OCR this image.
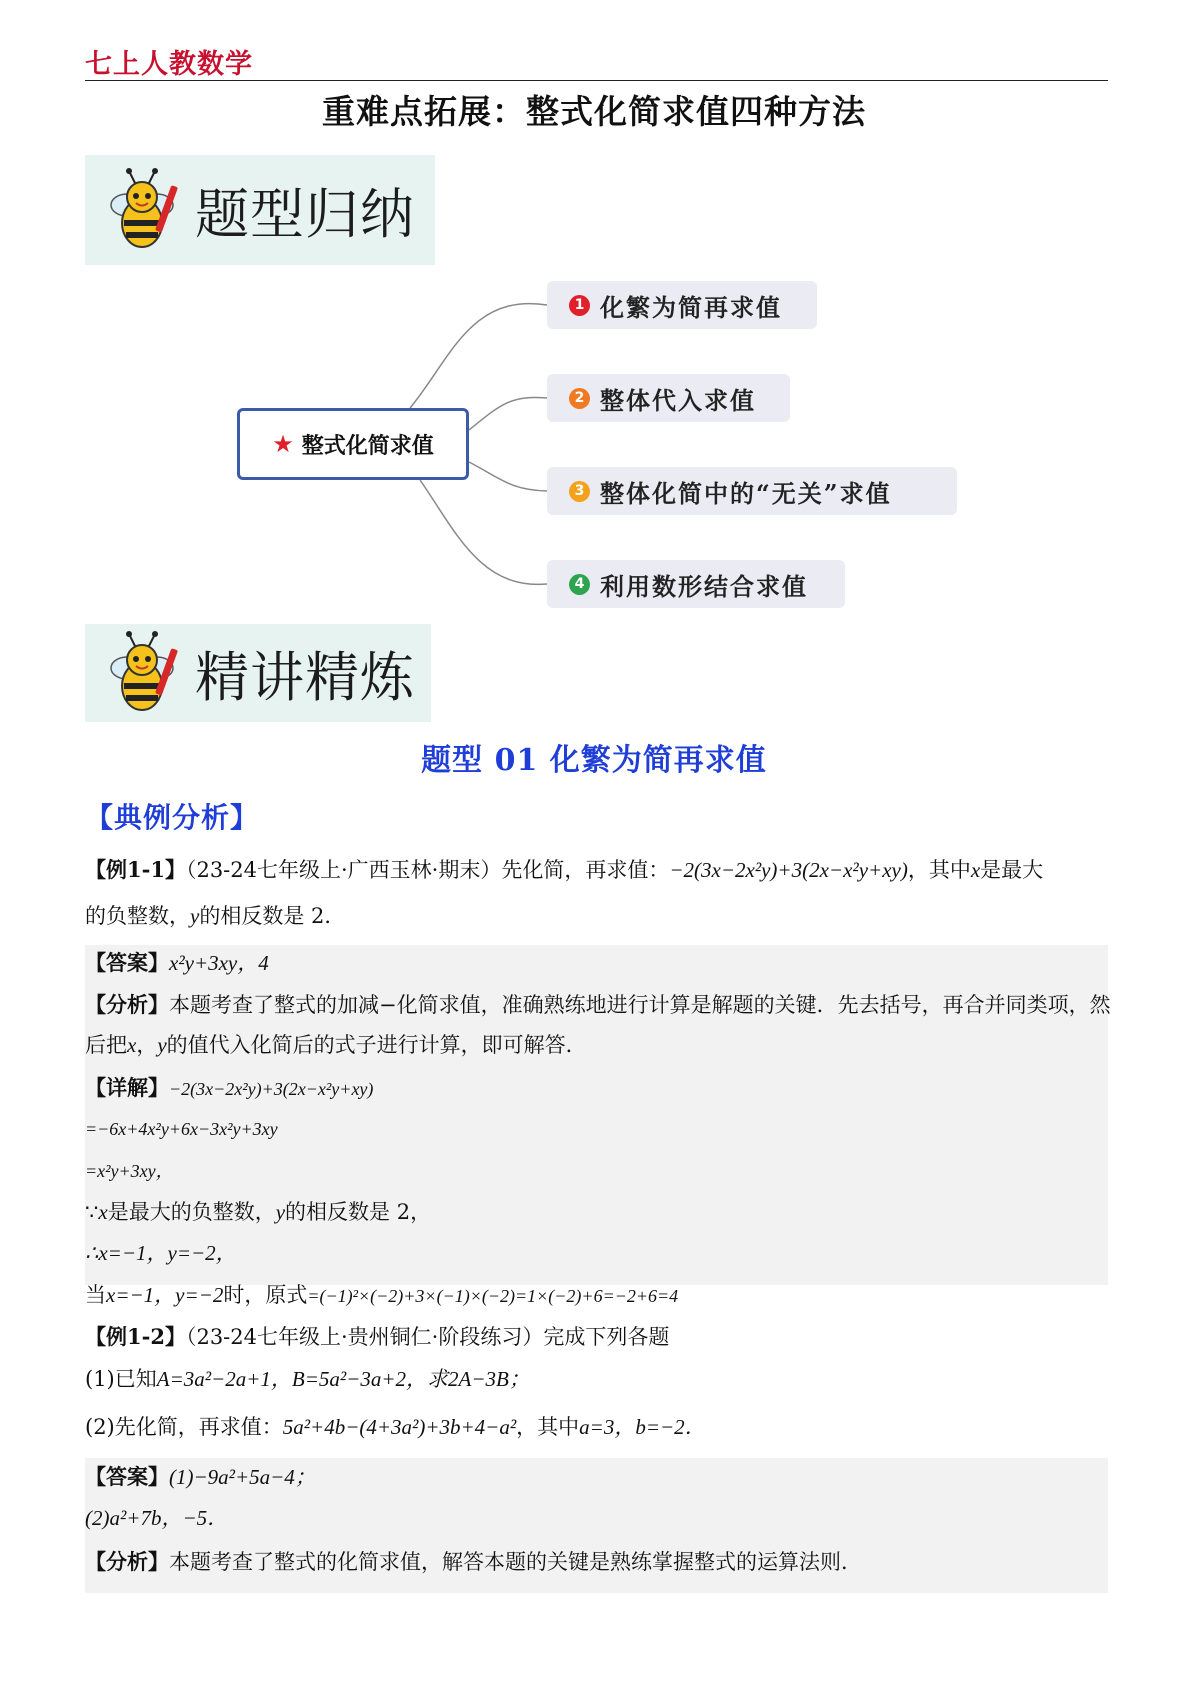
七上人教数学
重难点拓展：整式化简求值四种方法
题型归纳
★ 整式化简求值
1 化繁为简再求值
2 整体代入求值
3 整体化简中的“无关”求值
4 利用数形结合求值
精讲精炼
题型 01 化繁为简再求值
【典例分析】
【例1-1】（23-24七年级上·广西玉林·期末）先化简，再求值：−2(3x−2x²y)+3(2x−x²y+xy)，其中x是最大
的负整数，y的相反数是 2．
【答案】x²y+3xy，4
【分析】本题考查了整式的加减−化简求值，准确熟练地进行计算是解题的关键．先去括号，再合并同类项，然
后把x，y的值代入化简后的式子进行计算，即可解答．
【详解】−2(3x−2x²y)+3(2x−x²y+xy)
=−6x+4x²y+6x−3x²y+3xy
=x²y+3xy，
∵x是最大的负整数，y的相反数是 2，
∴x=−1，y=−2，
当x=−1，y=−2时，原式=(−1)²×(−2)+3×(−1)×(−2)=1×(−2)+6=−2+6=4
【例1-2】（23-24七年级上·贵州铜仁·阶段练习）完成下列各题
(1)已知A=3a²−2a+1，B=5a²−3a+2，求2A−3B；
(2)先化简，再求值：5a²+4b−(4+3a²)+3b+4−a²，其中a=3，b=−2．
【答案】(1)−9a²+5a−4；
(2)a²+7b，−5．
【分析】本题考查了整式的化简求值，解答本题的关键是熟练掌握整式的运算法则．
